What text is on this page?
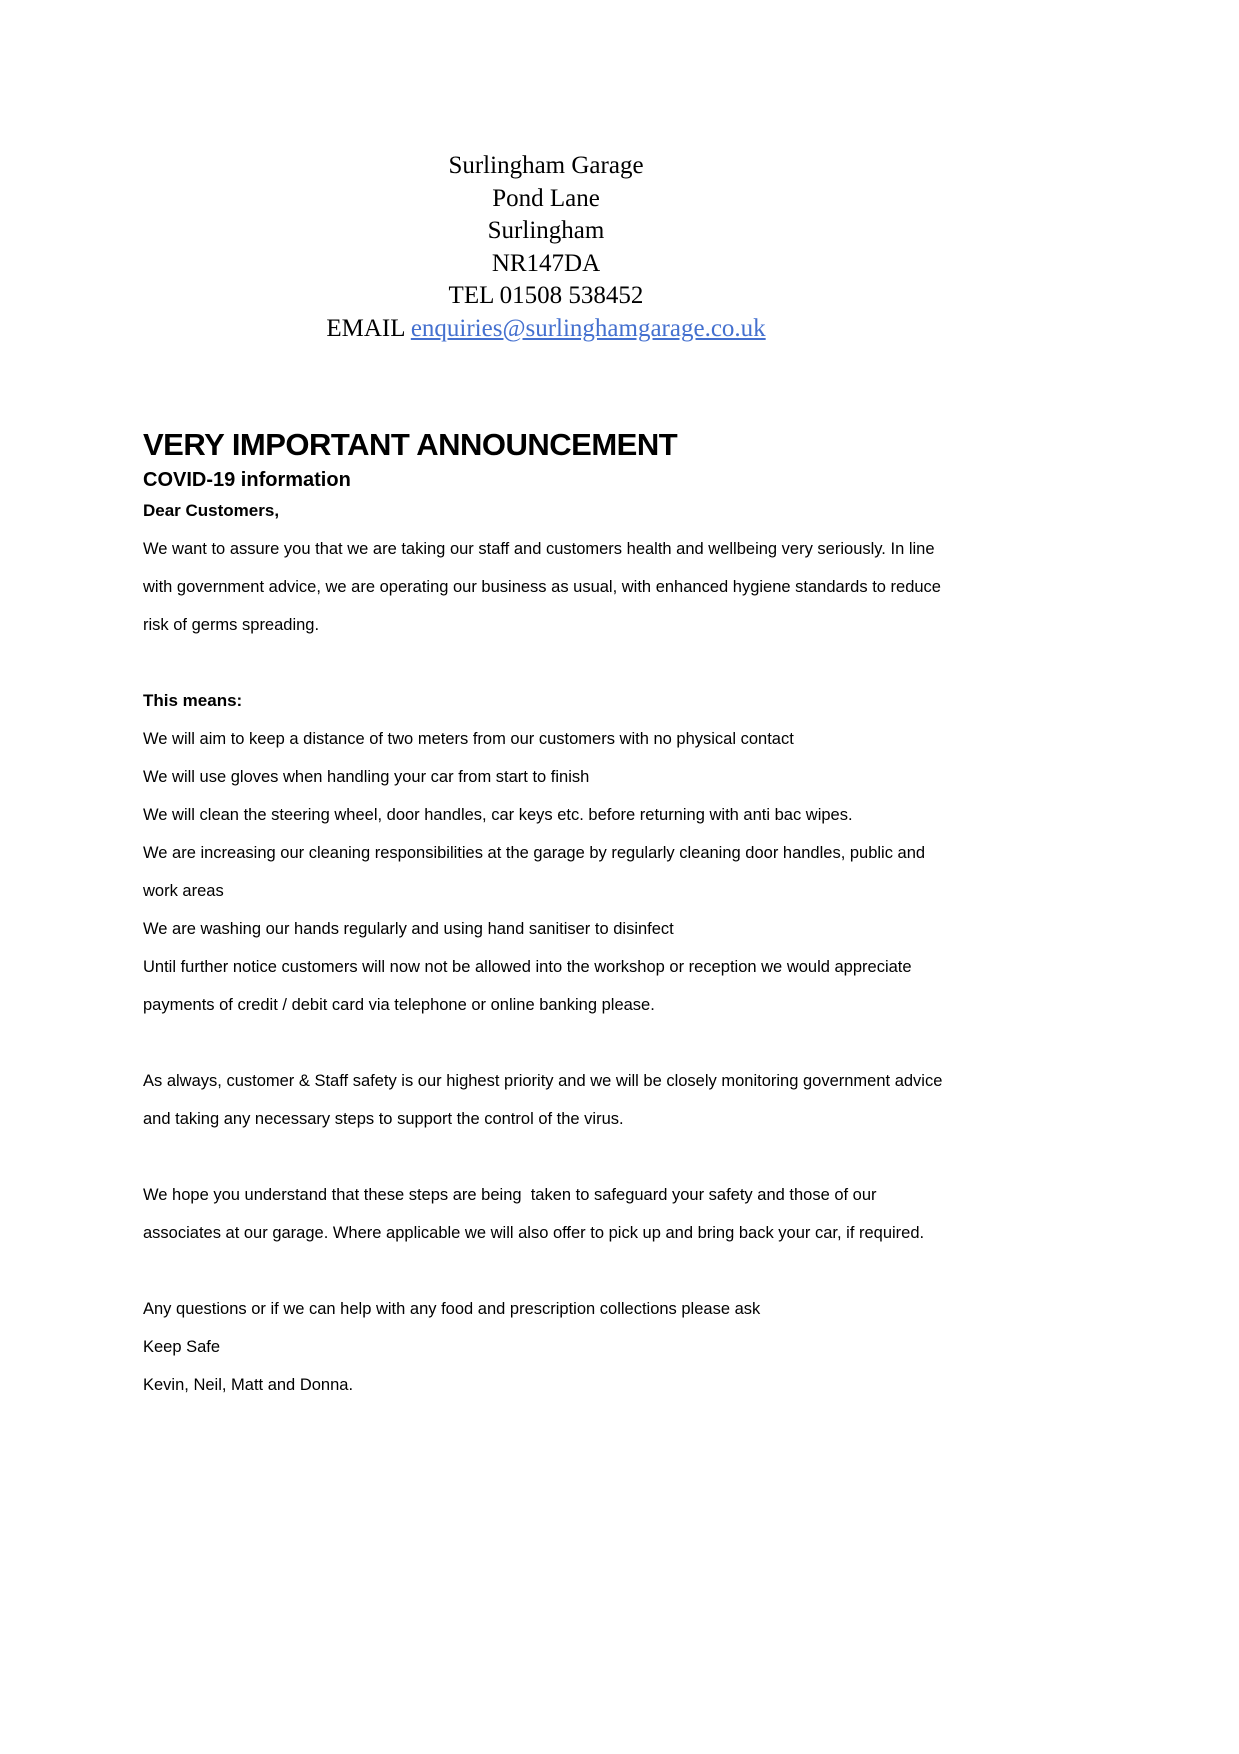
Surlingham Garage
Pond Lane
Surlingham
NR147DA
TEL 01508 538452
EMAIL enquiries@surlinghamgarage.co.uk
VERY IMPORTANT ANNOUNCEMENT
COVID-19 information

Dear Customers,

We want to assure you that we are taking our staff and customers health and wellbeing very seriously. In line with government advice, we are operating our business as usual, with enhanced hygiene standards to reduce risk of germs spreading.

This means:

We will aim to keep a distance of two meters from our customers with no physical contact

We will use gloves when handling your car from start to finish

We will clean the steering wheel, door handles, car keys etc. before returning with anti bac wipes.

We are increasing our cleaning responsibilities at the garage by regularly cleaning door handles, public and work areas

We are washing our hands regularly and using hand sanitiser to disinfect

Until further notice customers will now not be allowed into the workshop or reception we would appreciate payments of credit / debit card via telephone or online banking please.

As always, customer & Staff safety is our highest priority and we will be closely monitoring government advice and taking any necessary steps to support the control of the virus.

We hope you understand that these steps are being  taken to safeguard your safety and those of our  associates at our garage. Where applicable we will also offer to pick up and bring back your car, if required.

Any questions or if we can help with any food and prescription collections please ask

Keep Safe

Kevin, Neil, Matt and Donna.
